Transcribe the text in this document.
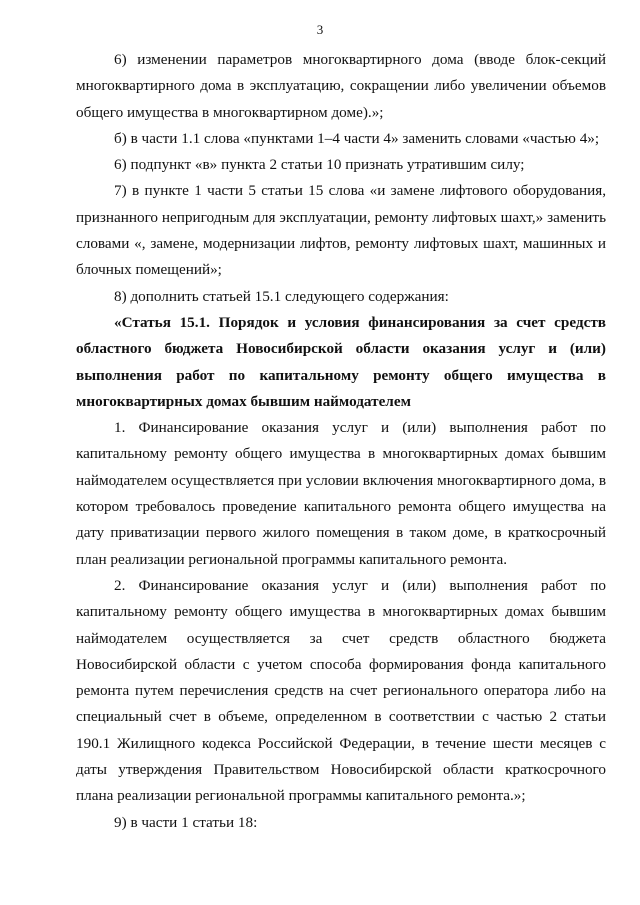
3

6) изменении параметров многоквартирного дома (вводе блок-секций многоквартирного дома в эксплуатацию, сокращении либо увеличении объемов общего имущества в многоквартирном доме).»;

б) в части 1.1 слова «пунктами 1–4 части 4» заменить словами «частью 4»;

6) подпункт «в» пункта 2 статьи 10 признать утратившим силу;

7) в пункте 1 части 5 статьи 15 слова «и замене лифтового оборудования, признанного непригодным для эксплуатации, ремонту лифтовых шахт,» заменить словами «, замене, модернизации лифтов, ремонту лифтовых шахт, машинных и блочных помещений»;

8) дополнить статьей 15.1 следующего содержания:

«Статья 15.1. Порядок и условия финансирования за счет средств областного бюджета Новосибирской области оказания услуг и (или) выполнения работ по капитальному ремонту общего имущества в многоквартирных домах бывшим наймодателем

1. Финансирование оказания услуг и (или) выполнения работ по капитальному ремонту общего имущества в многоквартирных домах бывшим наймодателем осуществляется при условии включения многоквартирного дома, в котором требовалось проведение капитального ремонта общего имущества на дату приватизации первого жилого помещения в таком доме, в краткосрочный план реализации региональной программы капитального ремонта.

2. Финансирование оказания услуг и (или) выполнения работ по капитальному ремонту общего имущества в многоквартирных домах бывшим наймодателем осуществляется за счет средств областного бюджета Новосибирской области с учетом способа формирования фонда капитального ремонта путем перечисления средств на счет регионального оператора либо на специальный счет в объеме, определенном в соответствии с частью 2 статьи 190.1 Жилищного кодекса Российской Федерации, в течение шести месяцев с даты утверждения Правительством Новосибирской области краткосрочного плана реализации региональной программы капитального ремонта.»;

9) в части 1 статьи 18:
